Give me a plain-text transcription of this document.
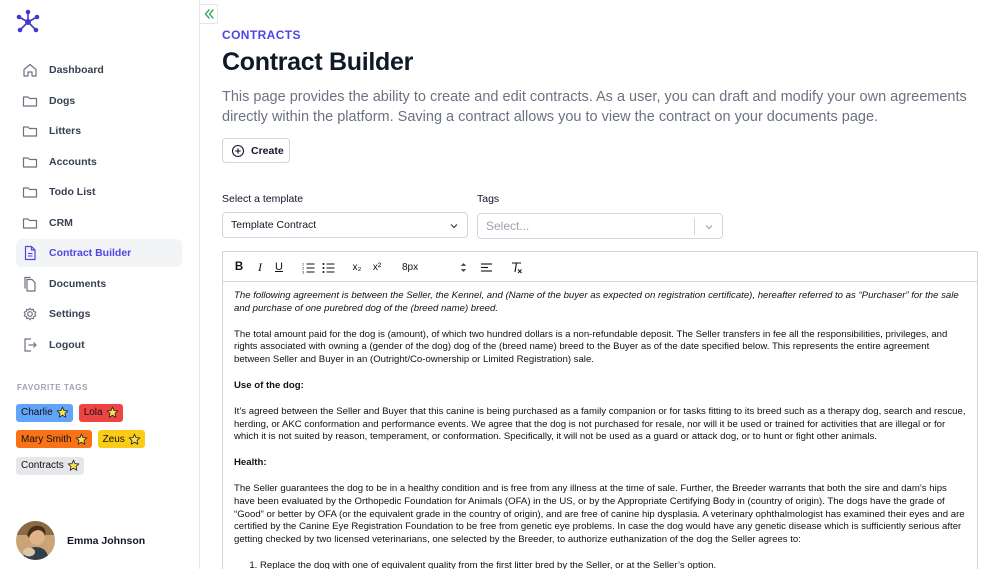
Dashboard
Dogs
Litters
Accounts
Todo List
CRM
Contract Builder
Documents
Settings
Logout
FAVORITE TAGS
Charlie	Lola

Mary Smith	Zeus

Contracts
Emma Johnson
CONTRACTS
Contract Builder
This page provides the ability to create and edit contracts. As a user, you can draft and modify your own agreements directly within the platform. Saving a contract allows you to view the contract on your documents page.
Create
Select a template
Template Contract
Tags
Select...
B	I	U	1
2
3	x₂ x² 8px

The following agreement is between the Seller, the Kennel, and (Name of the buyer as expected on registration certificate), hereafter referred to as “Purchaser” for the sale and purchase of one purebred dog of the (breed name) breed.

The total amount paid for the dog is (amount), of which two hundred dollars is a non-refundable deposit. The Seller transfers in fee all the responsibilities, privileges, and rights associated with owning a (gender of the dog) dog of the (breed name) breed to the Buyer as of the date specified below. This represents the entire agreement between Seller and Buyer in an (Outright/Co-ownership or Limited Registration) sale.

Use of the dog:

It’s agreed between the Seller and Buyer that this canine is being purchased as a family companion or for tasks fitting to its breed such as a therapy dog, search and rescue, herding, or AKC conformation and performance events. We agree that the dog is not purchased for resale, nor will it be used or trained for activities that are illegal or for which it is not suited by reason, temperament, or conformation. Specifically, it will not be used as a guard or attack dog, or to hunt or fight other animals.

Health:

The Seller guarantees the dog to be in a healthy condition and is free from any illness at the time of sale. Further, the Breeder warrants that both the sire and dam’s hips have been evaluated by the Orthopedic Foundation for Animals (OFA) in the US, or by the Appropriate Certifying Body in (country of origin). The dogs have the grade of “Good” or better by OFA (or the equivalent grade in the country of origin), and are free of canine hip dysplasia. A veterinary ophthalmologist has examined their eyes and are certified by the Canine Eye Registration Foundation to be free from genetic eye problems. In case the dog would have any genetic disease which is sufficiently serious after getting checked by two licensed veterinarians, one selected by the Breeder, to authorize euthanization of the dog the Seller agrees to:

1. Replace the dog with one of equivalent quality from the first litter bred by the Seller, or at the Seller’s option.
